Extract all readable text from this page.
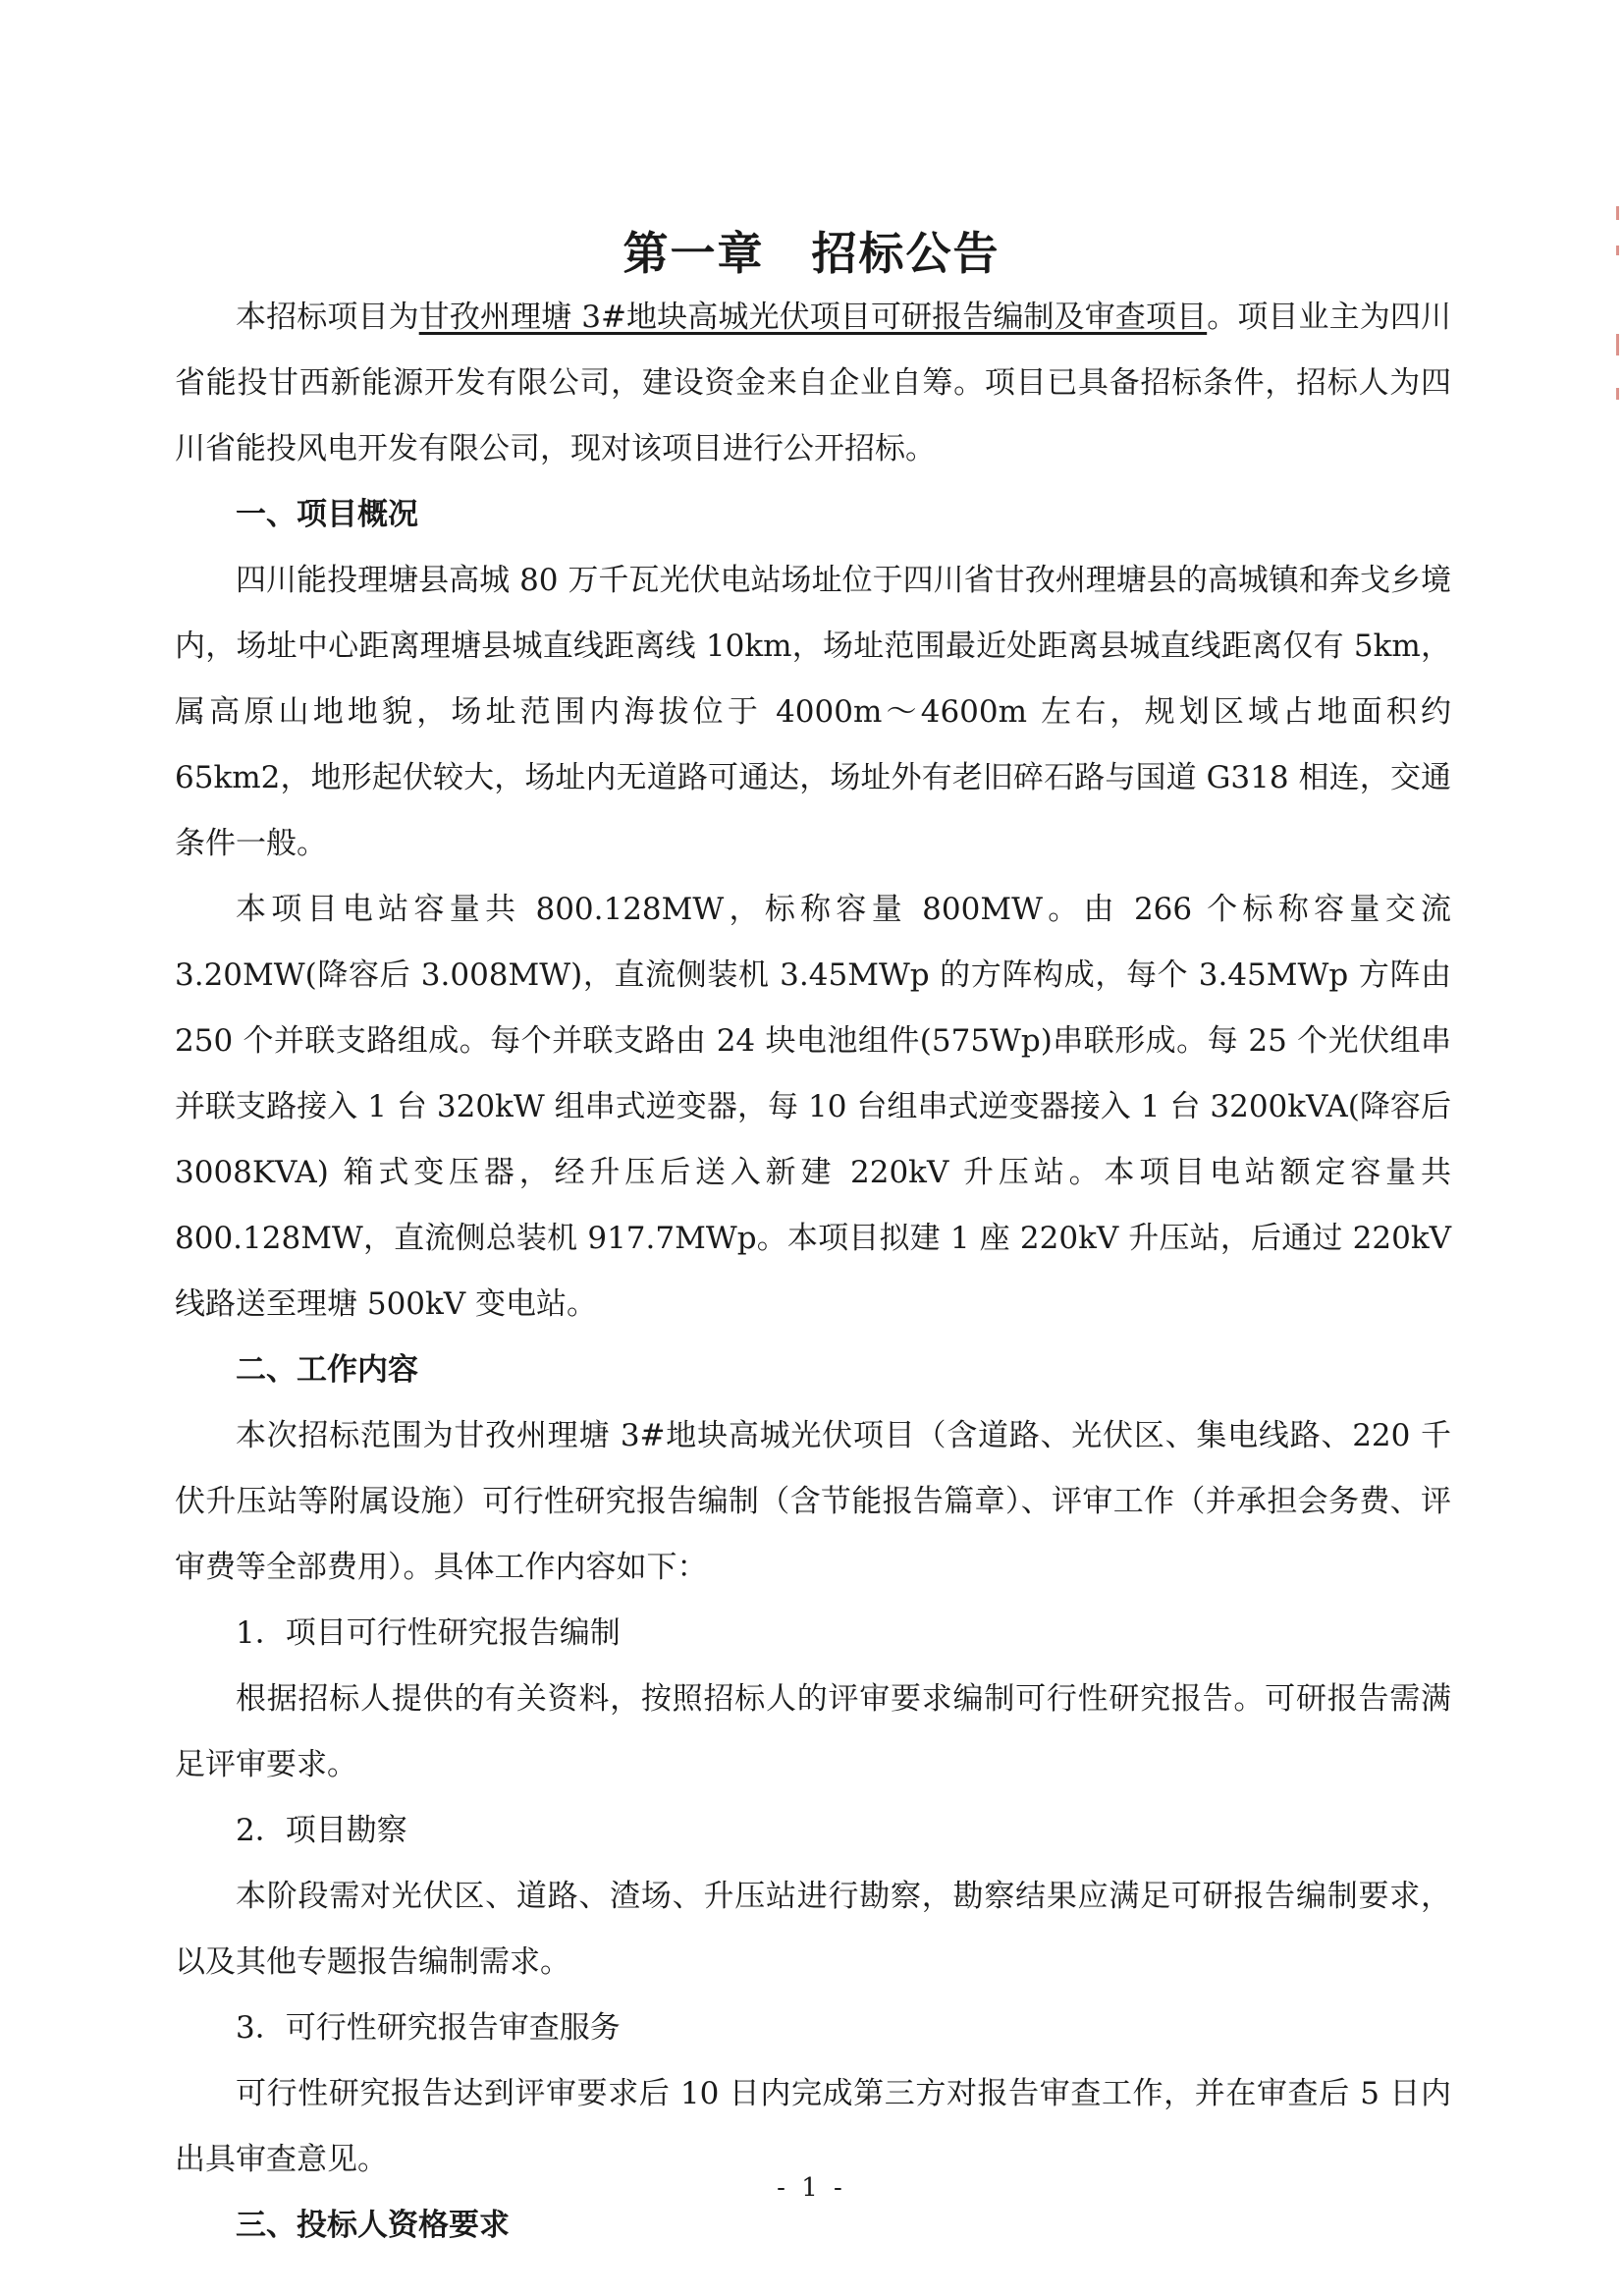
第一章　招标公告

本招标项目为甘孜州理塘 3#地块高城光伏项目可研报告编制及审查项目。项目业主为四川省能投甘西新能源开发有限公司，建设资金来自企业自筹。项目已具备招标条件，招标人为四川省能投风电开发有限公司，现对该项目进行公开招标。

一、项目概况

四川能投理塘县高城 80 万千瓦光伏电站场址位于四川省甘孜州理塘县的高城镇和奔戈乡境内，场址中心距离理塘县城直线距离线 10km，场址范围最近处距离县城直线距离仅有 5km，属高原山地地貌，场址范围内海拔位于 4000m～4600m 左右，规划区域占地面积约 65km2，地形起伏较大，场址内无道路可通达，场址外有老旧碎石路与国道 G318 相连，交通条件一般。

本项目电站容量共 800.128MW，标称容量 800MW。由 266 个标称容量交流 3.20MW(降容后 3.008MW)，直流侧装机 3.45MWp 的方阵构成，每个 3.45MWp 方阵由 250 个并联支路组成。每个并联支路由 24 块电池组件(575Wp)串联形成。每 25 个光伏组串并联支路接入 1 台 320kW 组串式逆变器，每 10 台组串式逆变器接入 1 台 3200kVA(降容后 3008KVA) 箱式变压器，经升压后送入新建 220kV 升压站。本项目电站额定容量共 800.128MW，直流侧总装机 917.7MWp。本项目拟建 1 座 220kV 升压站，后通过 220kV 线路送至理塘 500kV 变电站。

二、工作内容

本次招标范围为甘孜州理塘 3#地块高城光伏项目（含道路、光伏区、集电线路、220 千伏升压站等附属设施）可行性研究报告编制（含节能报告篇章）、评审工作（并承担会务费、评审费等全部费用）。具体工作内容如下：

1．项目可行性研究报告编制

根据招标人提供的有关资料，按照招标人的评审要求编制可行性研究报告。可研报告需满足评审要求。

2．项目勘察

本阶段需对光伏区、道路、渣场、升压站进行勘察，勘察结果应满足可研报告编制要求，以及其他专题报告编制需求。

3．可行性研究报告审查服务

可行性研究报告达到评审要求后 10 日内完成第三方对报告审查工作，并在审查后 5 日内出具审查意见。

三、投标人资格要求

- 1 -
